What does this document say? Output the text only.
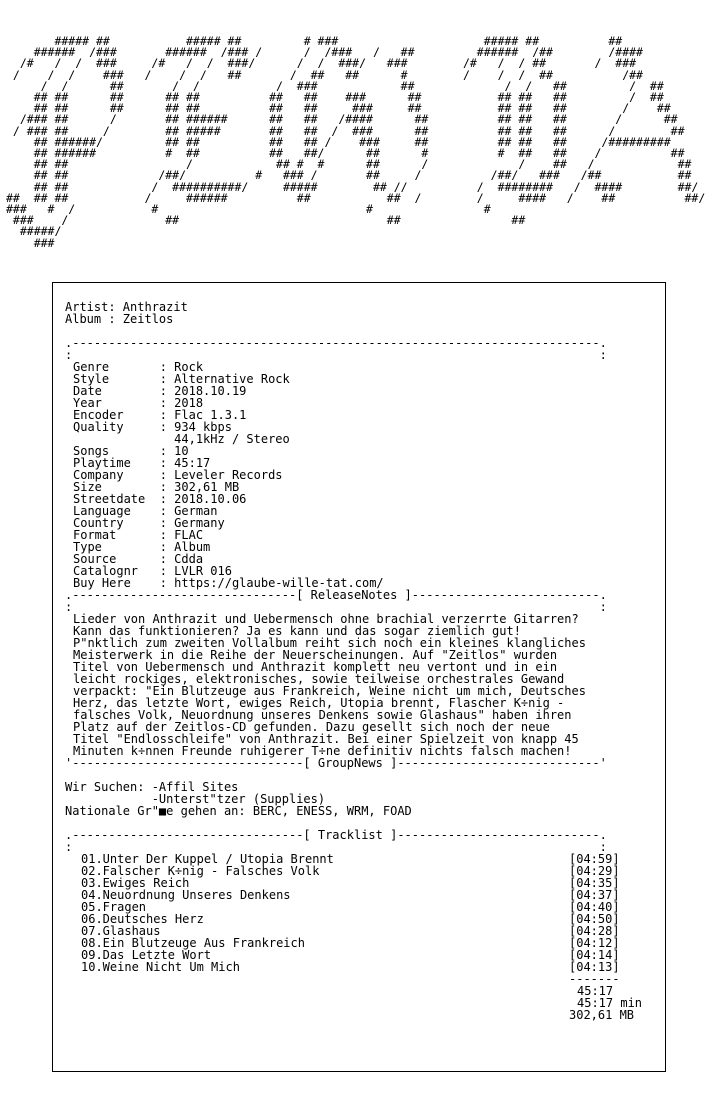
##### ##           ##### ##         # ###                     ##### ##          ##
######  /###       ######  /### /      /  /###   /   ##         ######  /##        /####
/#   /  /  ###     /#   /  /  ###/      /  /  ###/   ###        /#   /  / ##       /  ###
/    /  /    ###   /    /  /   ##       /  ##   ##      #        /    /  /  ##          /##
/  /      ##       /  /           /  ###            ##             /  /   ##         /  ##
## ##      ##      ## ##          ##   ##    ###      ##           ## ##   ##         /  ##
## ##      ##      ## ##          ##   ##     ###     ##           ## ##   ##        /    ##
/### ##      /       ## ######      ##   ##   /####      ##          ## ##   ##       /      ##
/ ### ##     /        ## #####       ##   ##  /  ###      ##          ## ##   ##      /        ##
## ######/         ## ##          ##   ## /    ###     ##          ## ##   ##     /#########
## ######          #  ##          ##   ##/      ##      #          #  ##   ##    /          ##
## ##                 /            ## #  #      ##      /             /    ##   /            ##
## ##             /##/          #   ### /       ##     /          /##/   ###   /##           ##
## ##            /  ##########/     #####        ## //          /  ########   /  ####        ##/
##  ## ##           /     ######          ##           ##  /        /     ####   /    ##          ##/
###   #  /           #                              #                #
###    /              ##                              ##                ##
#####/
###
Artist: Anthrazit
Album : Zeitlos
.-------------------------------------------------------------------------.
:                                                                         :
Genre       : Rock
Style       : Alternative Rock
Date        : 2018.10.19
Year        : 2018
Encoder     : Flac 1.3.1
Quality     : 934 kbps
44,1kHz / Stereo
Songs       : 10
Playtime    : 45:17
Company     : Leveler Records
Size        : 302,61 MB
Streetdate  : 2018.10.06
Language    : German
Country     : Germany
Format      : FLAC
Type        : Album
Source      : Cdda
Catalognr   : LVLR 016
Buy Here    : https://glaube-wille-tat.com/
.-------------------------------[ ReleaseNotes ]--------------------------.
:                                                                         :
Lieder von Anthrazit und Uebermensch ohne brachial verzerrte Gitarren?
Kann das funktionieren? Ja es kann und das sogar ziemlich gut!
P"nktlich zum zweiten Vollalbum reiht sich noch ein kleines klangliches
Meisterwerk in die Reihe der Neuerscheinungen. Auf "Zeitlos" wurden
Titel von Uebermensch und Anthrazit komplett neu vertont und in ein
leicht rockiges, elektronisches, sowie teilweise orchestrales Gewand
verpackt: "Ein Blutzeuge aus Frankreich, Weine nicht um mich, Deutsches
Herz, das letzte Wort, ewiges Reich, Utopia brennt, Flascher K÷nig -
falsches Volk, Neuordnung unseres Denkens sowie Glashaus" haben ihren
Platz auf der Zeitlos-CD gefunden. Dazu gesellt sich noch der neue
Titel "Endlosschleife" von Anthrazit. Bei einer Spielzeit von knapp 45
Minuten k÷nnen Freunde ruhigerer T÷ne definitiv nichts falsch machen!
'--------------------------------[ GroupNews ]----------------------------'
Wir Suchen: -Affil Sites
-Unterst"tzer (Supplies)
Nationale Gr"■e gehen an: BERC, ENESS, WRM, FOAD
.--------------------------------[ Tracklist ]----------------------------.
:                                                                         :
01.Unter Der Kuppel / Utopia Brennt	[04:59]
02.Falscher K÷nig - Falsches Volk	[04:29]
03.Ewiges Reich	[04:35]
04.Neuordnung Unseres Denkens	[04:37]
05.Fragen	[04:40]
06.Deutsches Herz	[04:50]
07.Glashaus	[04:28]
08.Ein Blutzeuge Aus Frankreich	[04:12]
09.Das Letzte Wort	[04:14]
10.Weine Nicht Um Mich	[04:13]
-------
45:17
45:17 min
302,61 MB
